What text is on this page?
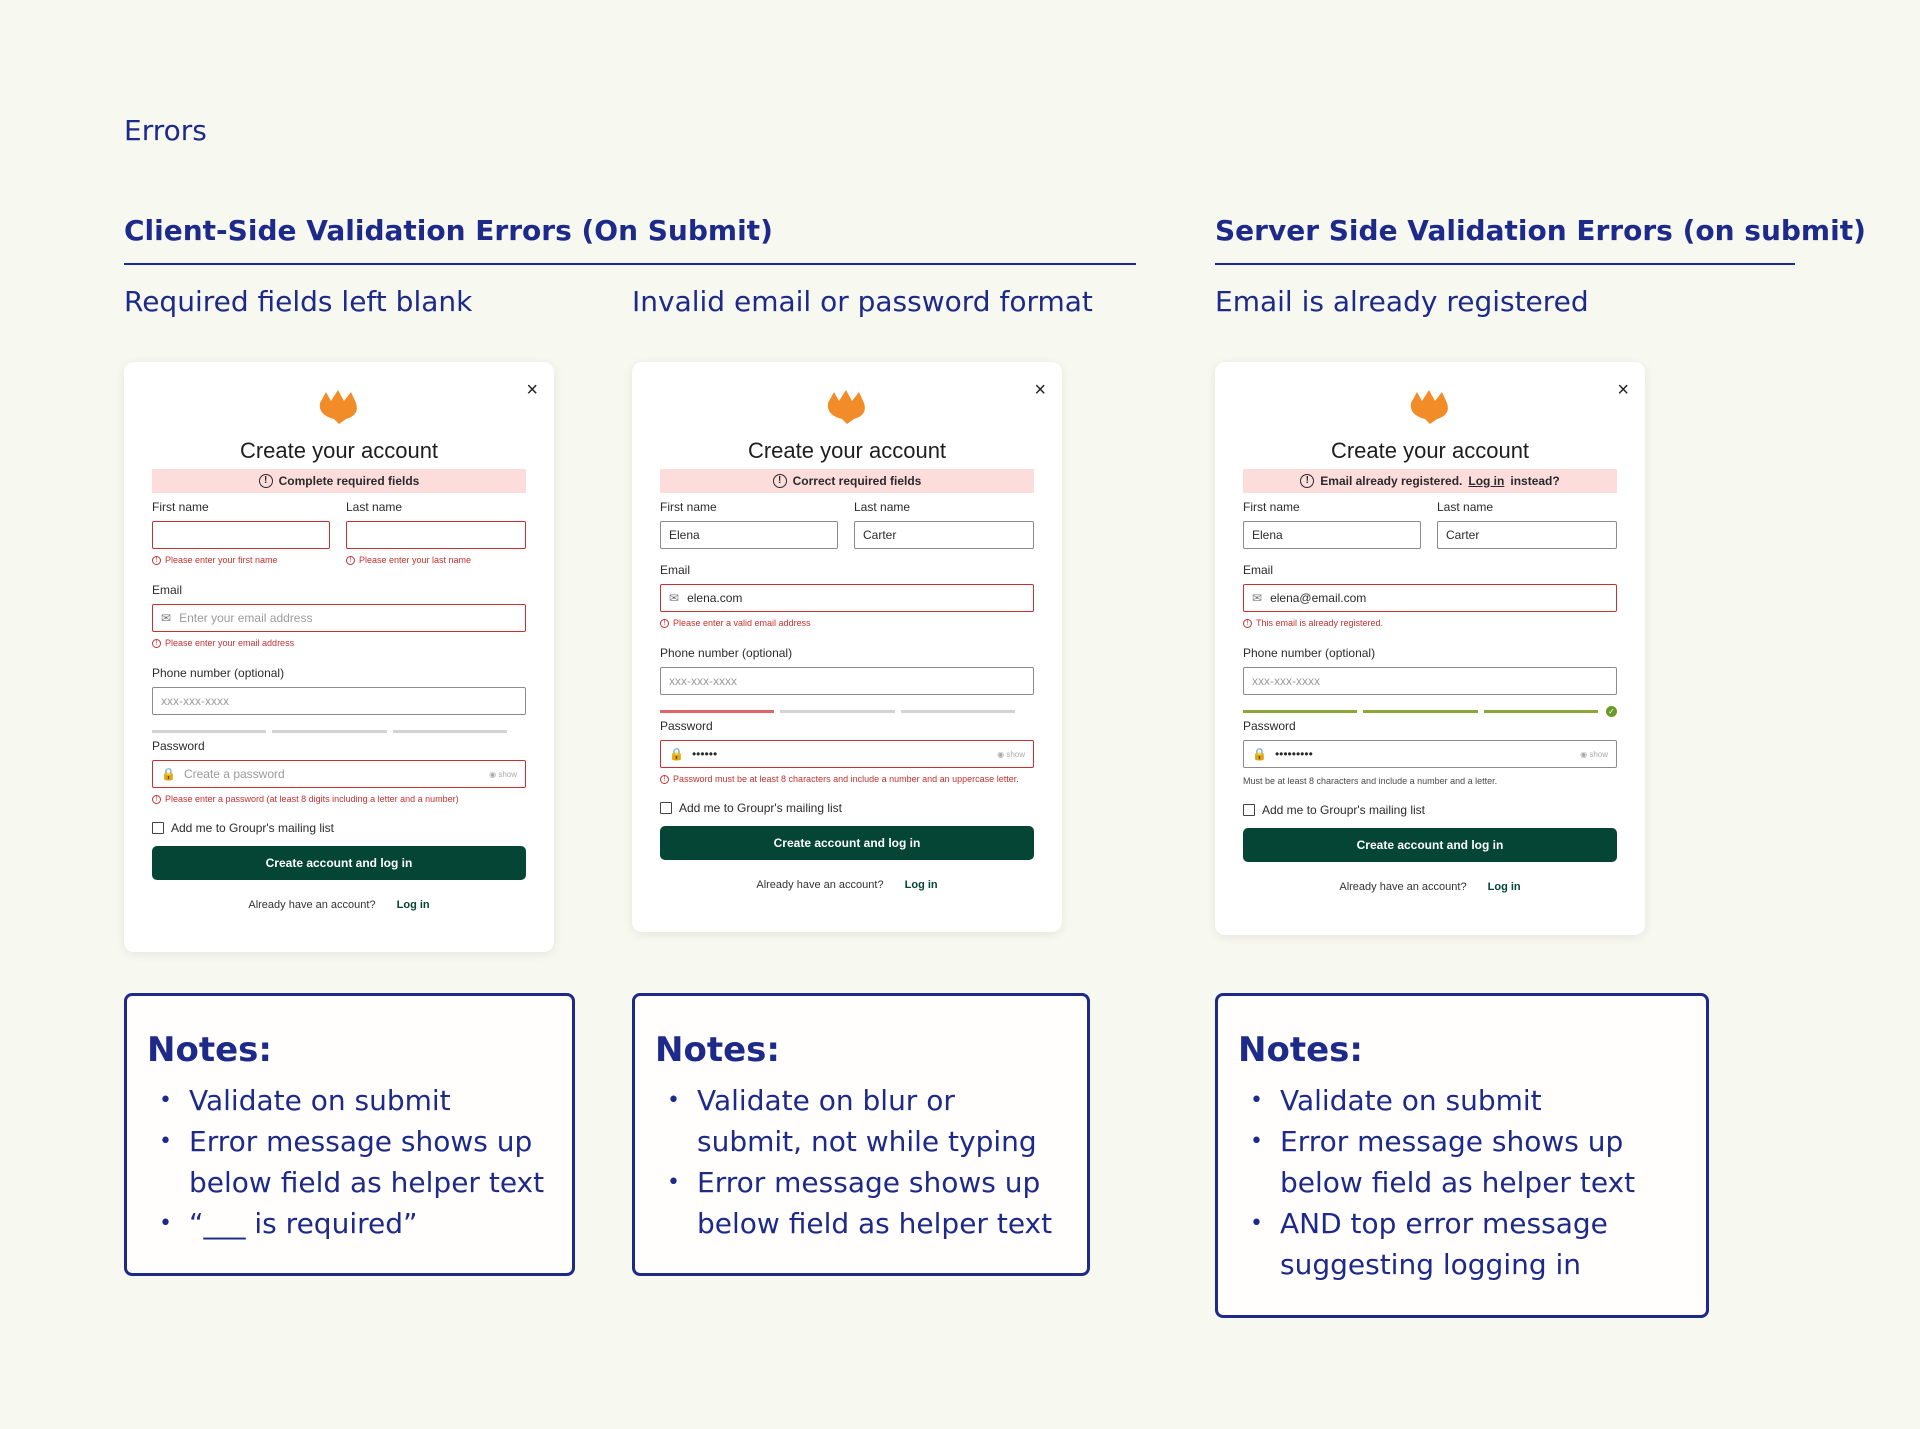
Errors
Client-Side Validation Errors (On Submit)	Server Side Validation Errors (on submit)
Required fields left blank	Invalid email or password format	Email is already registered
×
groupr
Create your account
! Complete required fields
First name	Last name
! Please enter your first name	! Please enter your last name
Email
✉ Enter your email address
! Please enter your email address
Phone number (optional)
xxx-xxx-xxxx
Password
🔒 Create a password	◉ show
! Please enter a password (at least 8 digits including a letter and a number)
Add me to Groupr's mailing list
Create account and log in
Already have an account? Log in
×
groupr
Create your account
! Correct required fields
First name	Last name
Elena	Carter
Email
✉ elena.com
! Please enter a valid email address
Phone number (optional)
xxx-xxx-xxxx
Password
🔒 ••••••	◉ show
! Password must be at least 8 characters and include a number and an uppercase letter.
Add me to Groupr's mailing list
Create account and log in
Already have an account? Log in
×
groupr
Create your account
! Email already registered. Log in instead?
First name	Last name
Elena	Carter
Email
✉ elena@email.com
! This email is already registered.
Phone number (optional)
xxx-xxx-xxxx
✓
Password
🔒 •••••••••	◉ show
Must be at least 8 characters and include a number and a letter.
Add me to Groupr's mailing list
Create account and log in
Already have an account? Log in
Notes:
• Validate on submit
• Error message shows up below field as helper text
• “___ is required”
Notes:
• Validate on blur or submit, not while typing
• Error message shows up below field as helper text
Notes:
• Validate on submit
• Error message shows up below field as helper text
• AND top error message suggesting logging in
